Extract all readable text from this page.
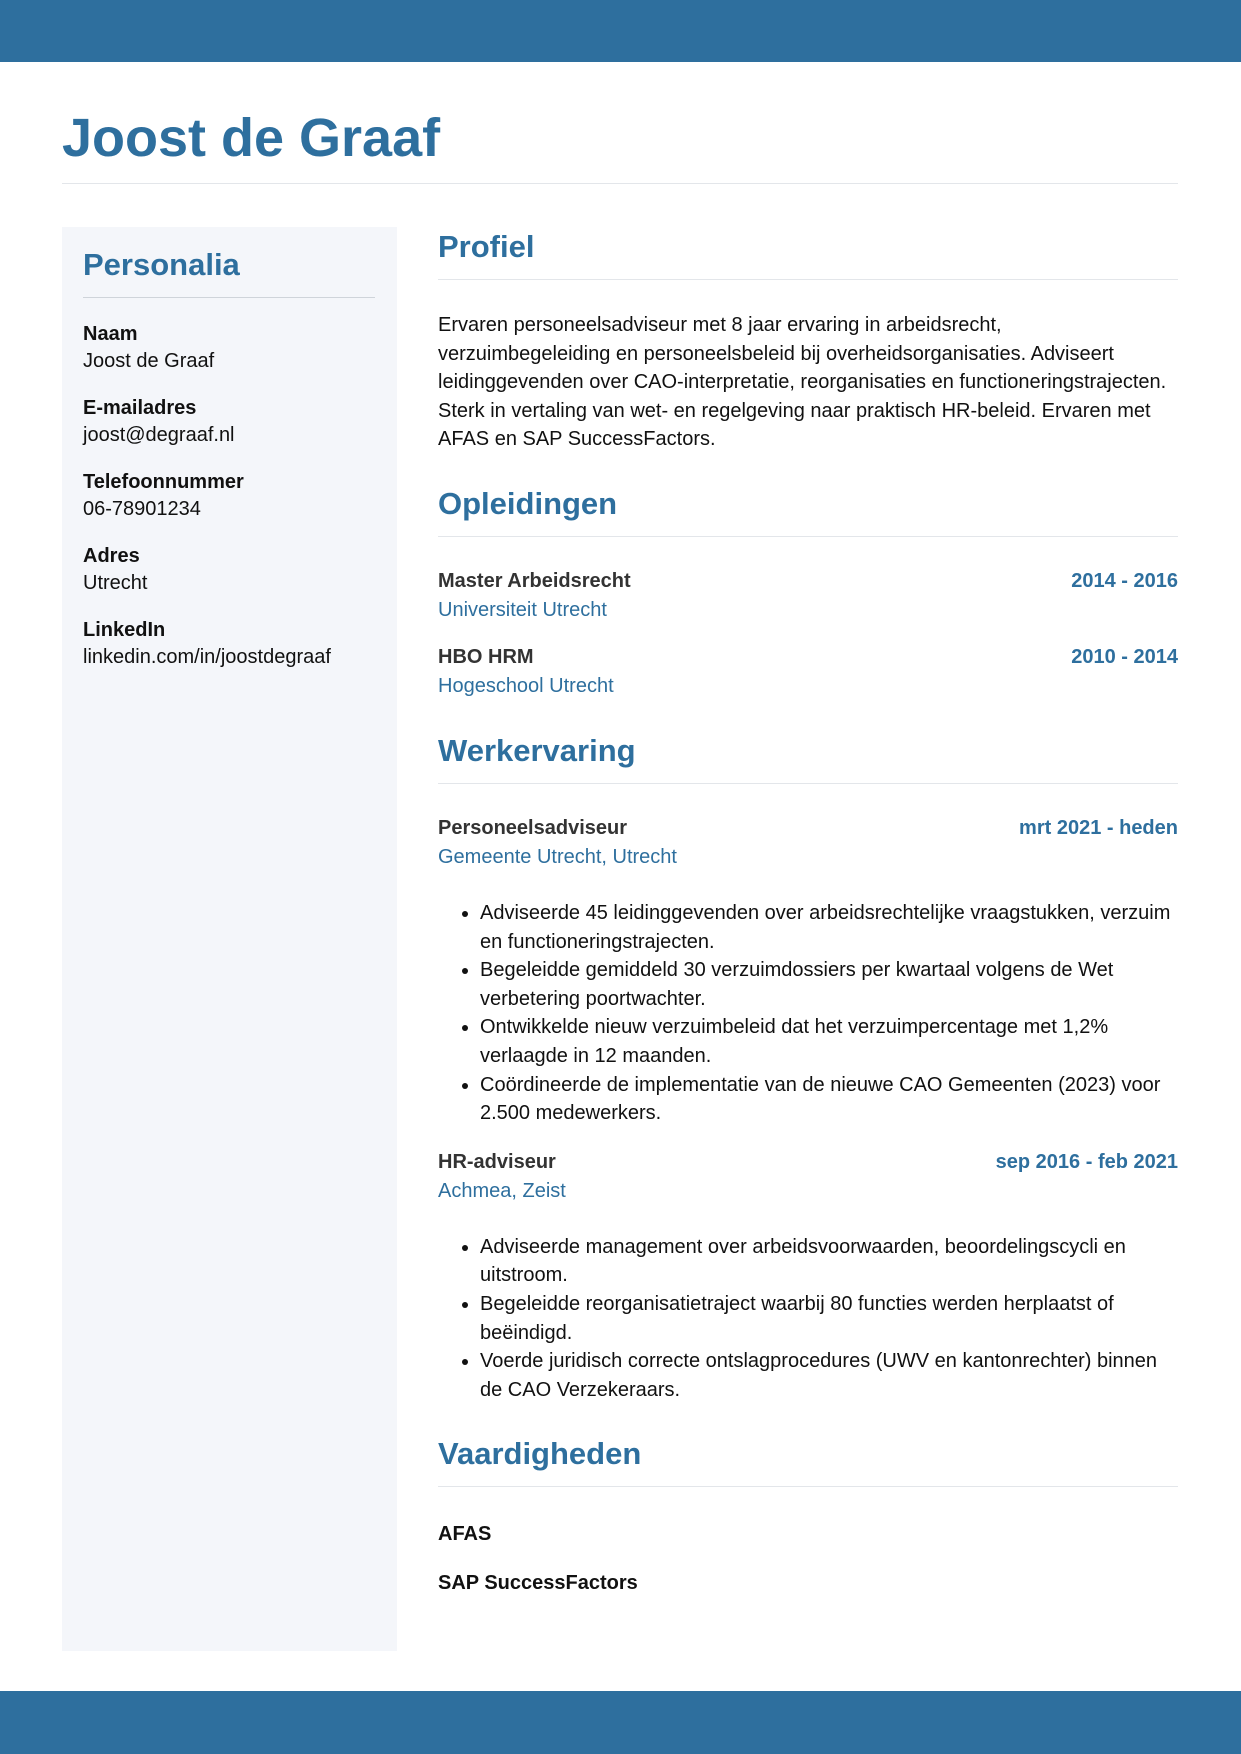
Joost de Graaf
Personalia
Naam
Joost de Graaf
E-mailadres
joost@degraaf.nl
Telefoonnummer
06-78901234
Adres
Utrecht
LinkedIn
linkedin.com/in/joostdegraaf
Profiel

Ervaren personeelsadviseur met 8 jaar ervaring in arbeidsrecht, verzuimbegeleiding en personeelsbeleid bij overheidsorganisaties. Adviseert leidinggevenden over CAO-interpretatie, reorganisaties en functioneringstrajecten. Sterk in vertaling van wet- en regelgeving naar praktisch HR-beleid. Ervaren met AFAS en SAP SuccessFactors.

Opleidingen
Master Arbeidsrecht	2014 - 2016
Universiteit Utrecht
HBO HRM	2010 - 2014
Hogeschool Utrecht
Werkervaring
Personeelsadviseur	mrt 2021 - heden
Gemeente Utrecht, Utrecht
• Adviseerde 45 leidinggevenden over arbeidsrechtelijke vraagstukken, verzuim en functioneringstrajecten.
• Begeleidde gemiddeld 30 verzuimdossiers per kwartaal volgens de Wet verbetering poortwachter.
• Ontwikkelde nieuw verzuimbeleid dat het verzuimpercentage met 1,2% verlaagde in 12 maanden.
• Coördineerde de implementatie van de nieuwe CAO Gemeenten (2023) voor 2.500 medewerkers.
HR-adviseur	sep 2016 - feb 2021
Achmea, Zeist
• Adviseerde management over arbeidsvoorwaarden, beoordelingscycli en uitstroom.
• Begeleidde reorganisatietraject waarbij 80 functies werden herplaatst of beëindigd.
• Voerde juridisch correcte ontslagprocedures (UWV en kantonrechter) binnen de CAO Verzekeraars.
Vaardigheden
AFAS
SAP SuccessFactors
